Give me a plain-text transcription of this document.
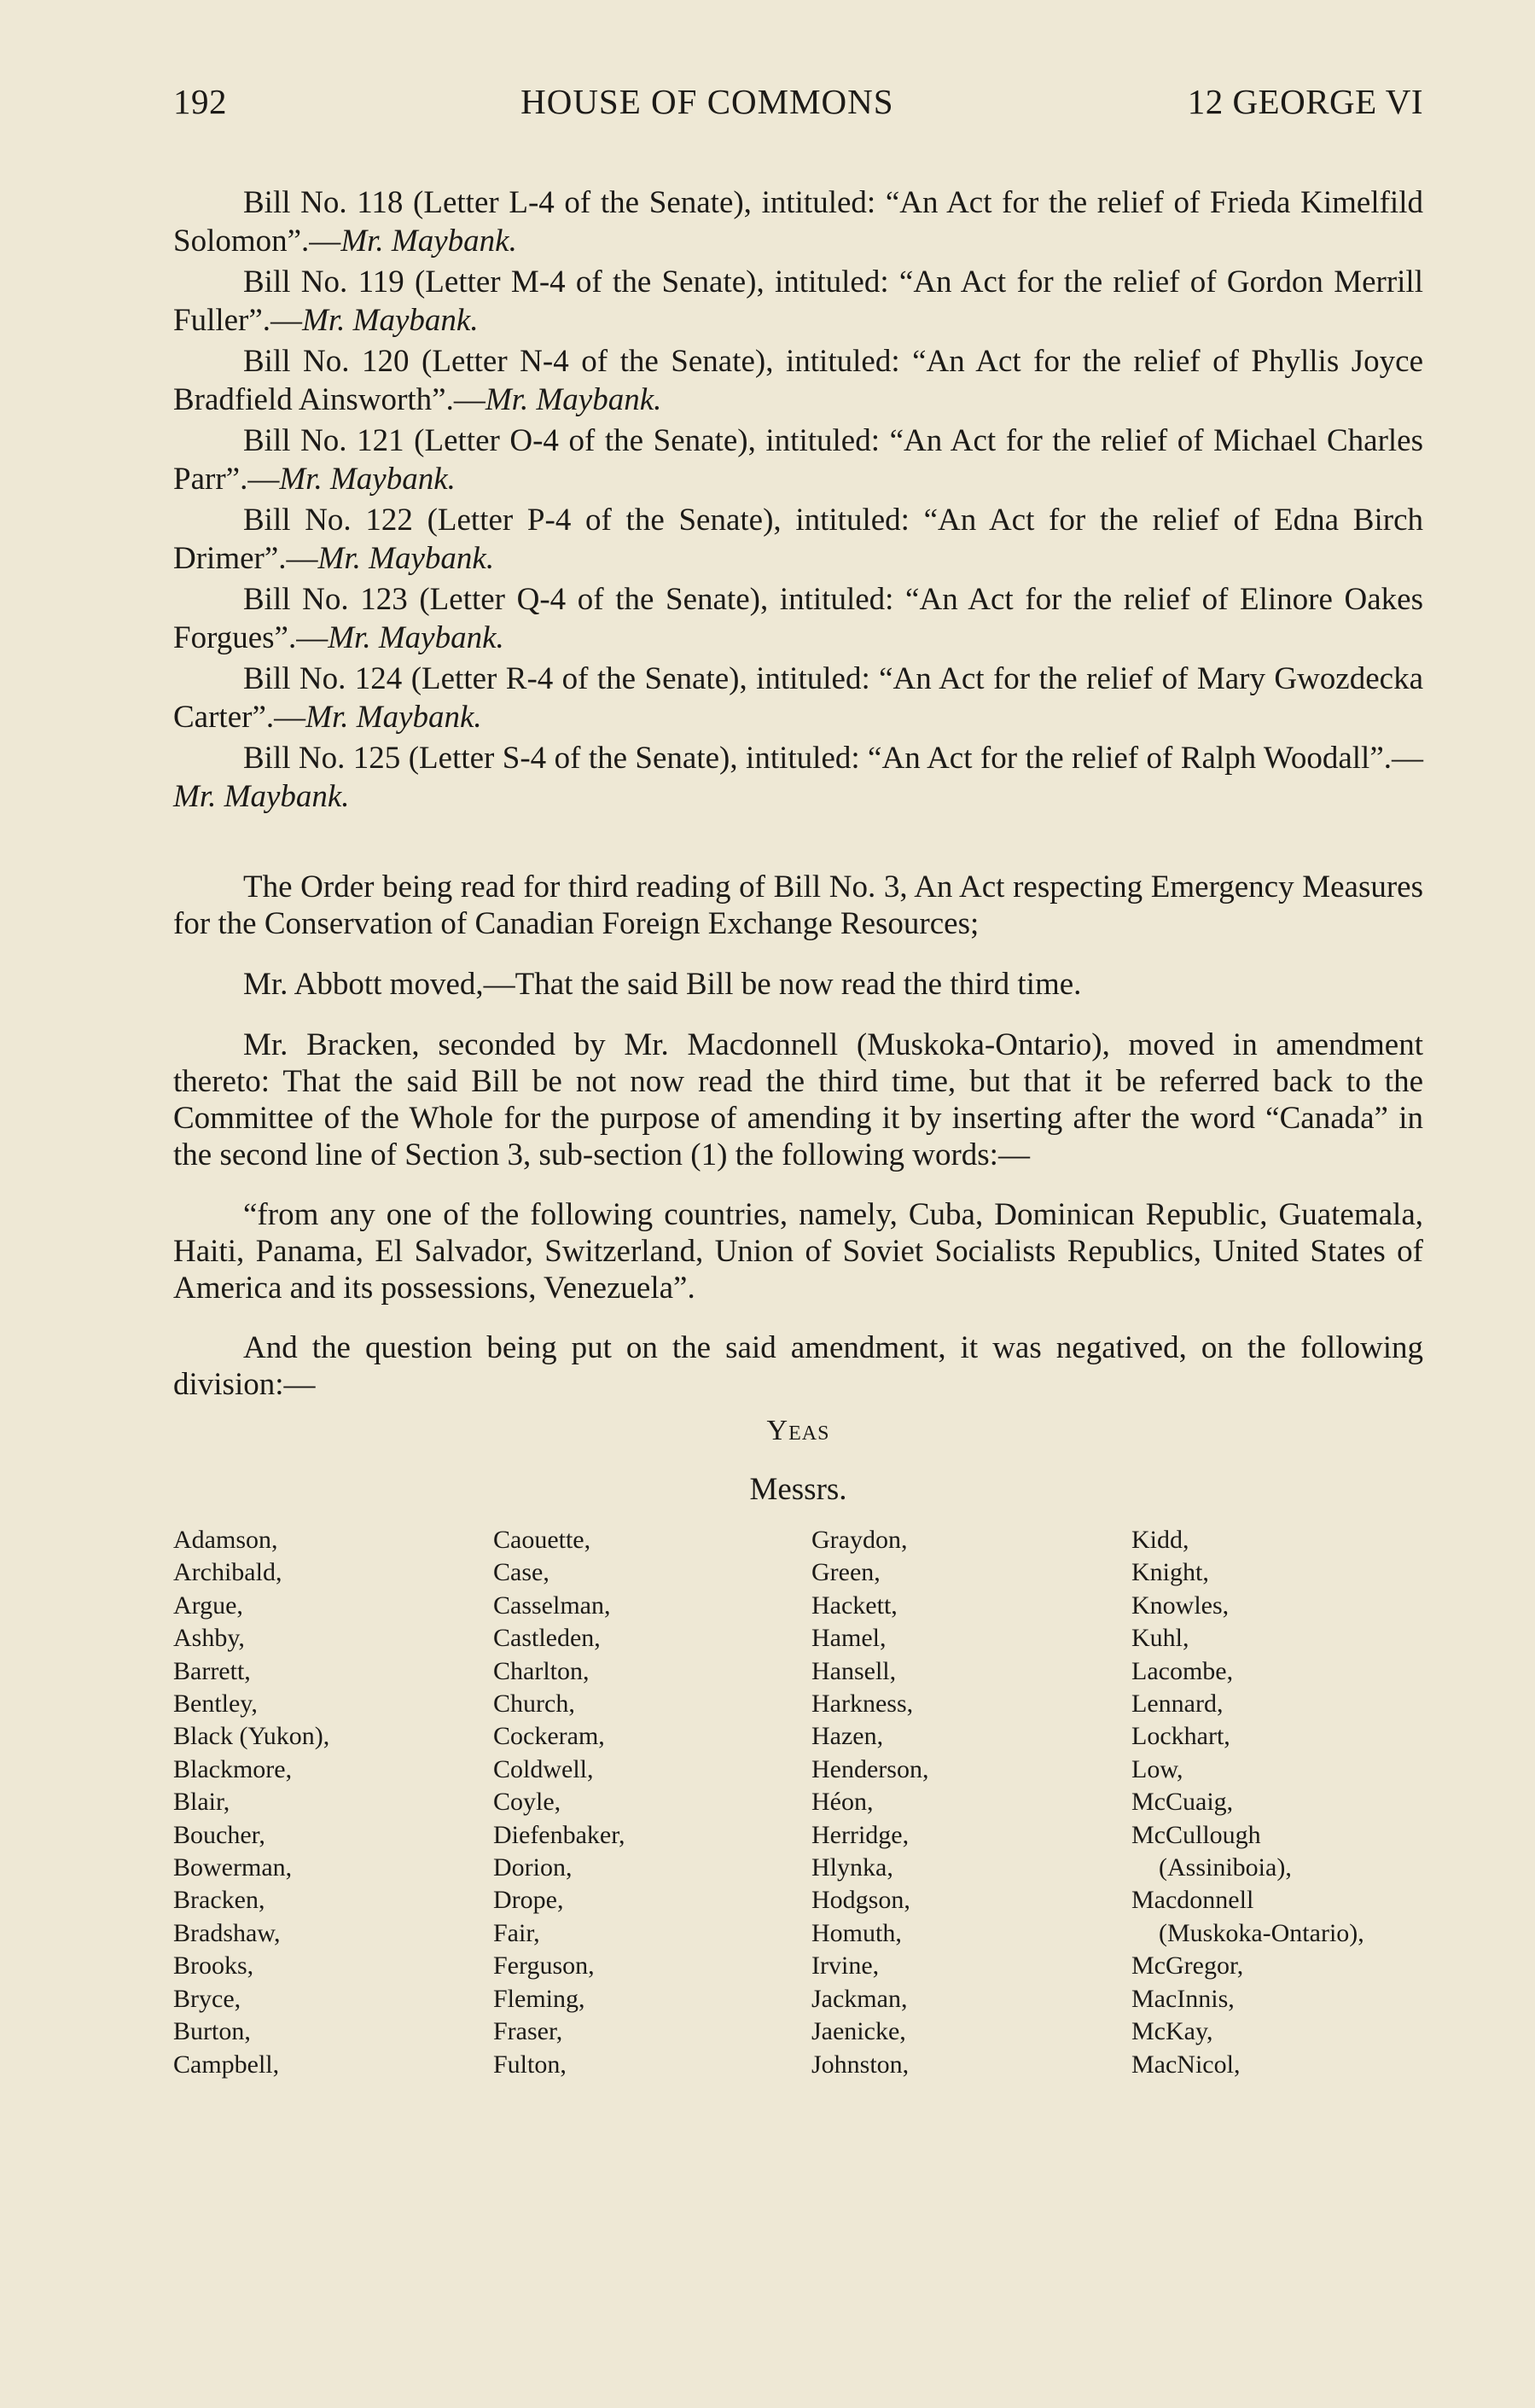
192	HOUSE OF COMMONS	12 GEORGE VI

Bill No. 118 (Letter L-4 of the Senate), intituled: “An Act for the relief of Frieda Kimelfild Solomon”.—Mr. Maybank.

Bill No. 119 (Letter M-4 of the Senate), intituled: “An Act for the relief of Gordon Merrill Fuller”.—Mr. Maybank.

Bill No. 120 (Letter N-4 of the Senate), intituled: “An Act for the relief of Phyllis Joyce Bradfield Ainsworth”.—Mr. Maybank.

Bill No. 121 (Letter O-4 of the Senate), intituled: “An Act for the relief of Michael Charles Parr”.—Mr. Maybank.

Bill No. 122 (Letter P-4 of the Senate), intituled: “An Act for the relief of Edna Birch Drimer”.—Mr. Maybank.

Bill No. 123 (Letter Q-4 of the Senate), intituled: “An Act for the relief of Elinore Oakes Forgues”.—Mr. Maybank.

Bill No. 124 (Letter R-4 of the Senate), intituled: “An Act for the relief of Mary Gwozdecka Carter”.—Mr. Maybank.

Bill No. 125 (Letter S-4 of the Senate), intituled: “An Act for the relief of Ralph Woodall”.—Mr. Maybank.

The Order being read for third reading of Bill No. 3, An Act respecting Emergency Measures for the Conservation of Canadian Foreign Exchange Resources;

Mr. Abbott moved,—That the said Bill be now read the third time.

Mr. Bracken, seconded by Mr. Macdonnell (Muskoka-Ontario), moved in amendment thereto: That the said Bill be not now read the third time, but that it be referred back to the Committee of the Whole for the purpose of amending it by inserting after the word “Canada” in the second line of Section 3, sub-section (1) the following words:—

“from any one of the following countries, namely, Cuba, Dominican Republic, Guatemala, Haiti, Panama, El Salvador, Switzerland, Union of Soviet Socialists Republics, United States of America and its possessions, Venezuela”.

And the question being put on the said amendment, it was negatived, on the following division:—

Yeas
Messrs.
Adamson,
Archibald,
Argue,
Ashby,
Barrett,
Bentley,
Black (Yukon),
Blackmore,
Blair,
Boucher,
Bowerman,
Bracken,
Bradshaw,
Brooks,
Bryce,
Burton,
Campbell,
Caouette,
Case,
Casselman,
Castleden,
Charlton,
Church,
Cockeram,
Coldwell,
Coyle,
Diefenbaker,
Dorion,
Drope,
Fair,
Ferguson,
Fleming,
Fraser,
Fulton,
Graydon,
Green,
Hackett,
Hamel,
Hansell,
Harkness,
Hazen,
Henderson,
Héon,
Herridge,
Hlynka,
Hodgson,
Homuth,
Irvine,
Jackman,
Jaenicke,
Johnston,
Kidd,
Knight,
Knowles,
Kuhl,
Lacombe,
Lennard,
Lockhart,
Low,
McCuaig,
McCullough
(Assiniboia),
Macdonnell
(Muskoka-Ontario),
McGregor,
MacInnis,
McKay,
MacNicol,
